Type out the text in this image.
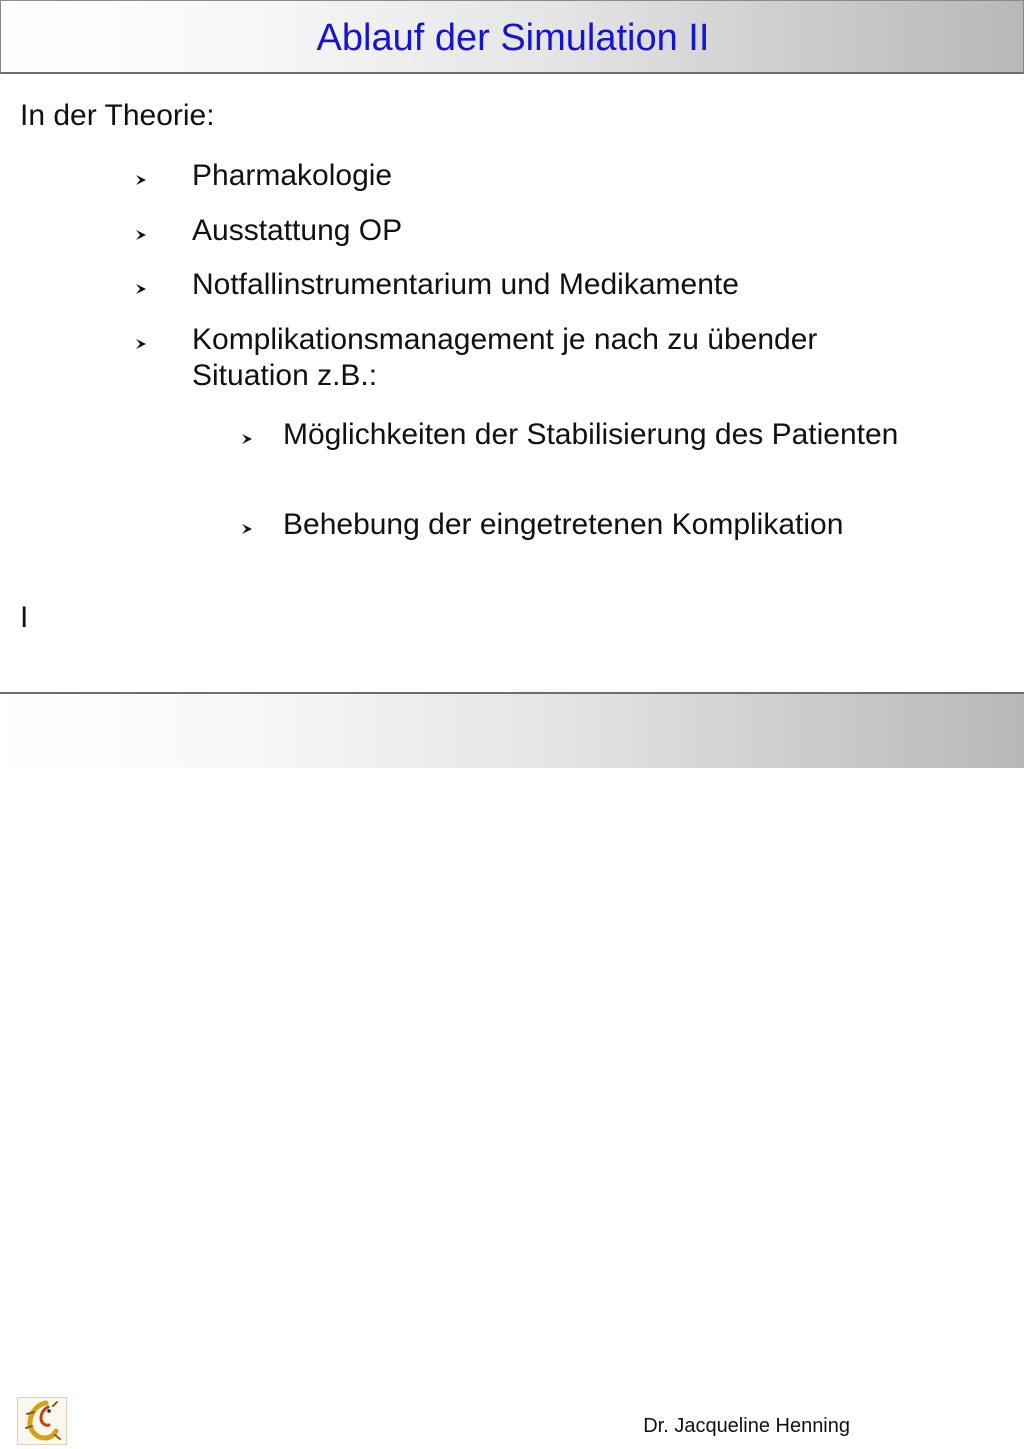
Ablauf der Simulation II
In der Theorie:
Pharmakologie
Ausstattung OP
Notfallinstrumentarium und Medikamente
Komplikationsmanagement je nach zu übender Situation z.B.:
Möglichkeiten der Stabilisierung des Patienten
Behebung der eingetretenen Komplikation
I
Dr. Jacqueline Henning
